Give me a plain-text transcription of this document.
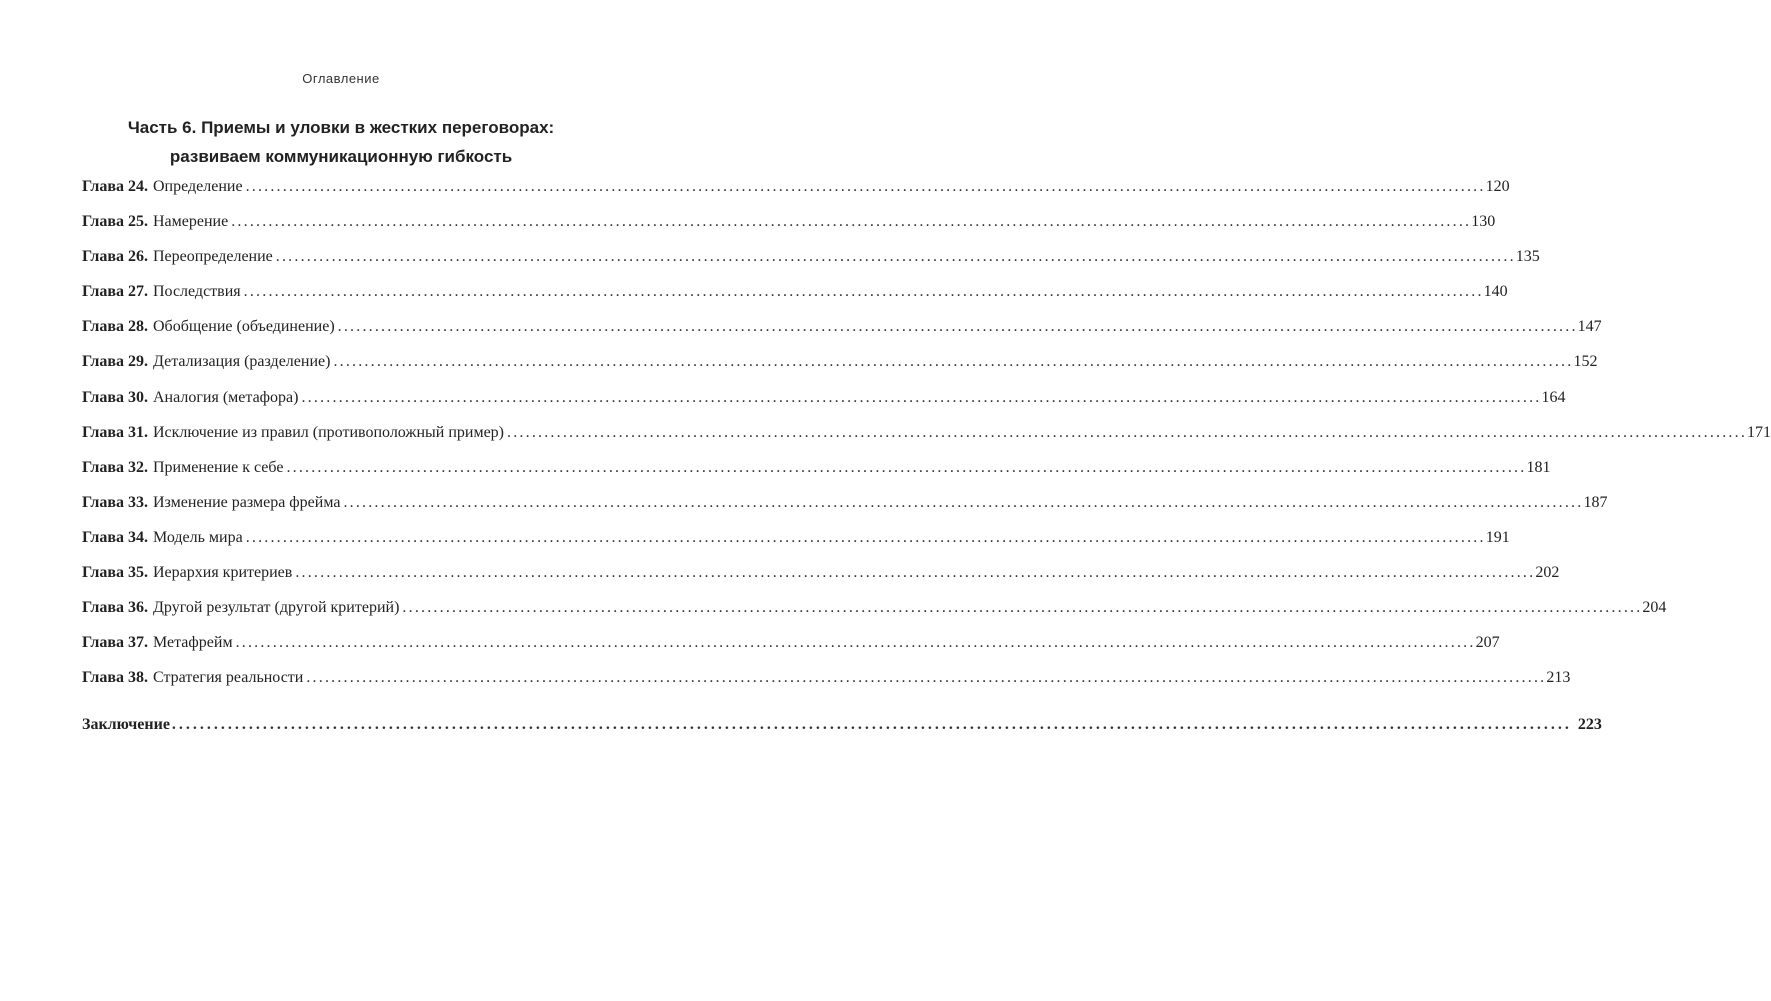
Оглавление
Часть 6. Приемы и уловки в жестких переговорах:
развиваем коммуникационную гибкость
Глава 24. Определение ........................................................................................................................................................................................................ 120
Глава 25. Намерение ........................................................................................................................................................................................................ 130
Глава 26. Переопределение ........................................................................................................................................................................................................ 135
Глава 27. Последствия ........................................................................................................................................................................................................ 140
Глава 28. Обобщение (объединение) ........................................................................................................................................................................................................ 147
Глава 29. Детализация (разделение) ........................................................................................................................................................................................................ 152
Глава 30. Аналогия (метафора) ........................................................................................................................................................................................................ 164
Глава 31. Исключение из правил (противоположный пример) ........................................................................................................................................................................................................ 171
Глава 32. Применение к себе ........................................................................................................................................................................................................ 181
Глава 33. Изменение размера фрейма ........................................................................................................................................................................................................ 187
Глава 34. Модель мира ........................................................................................................................................................................................................ 191
Глава 35. Иерархия критериев ........................................................................................................................................................................................................ 202
Глава 36. Другой результат (другой критерий) ........................................................................................................................................................................................................ 204
Глава 37. Метафрейм ........................................................................................................................................................................................................ 207
Глава 38. Стратегия реальности ........................................................................................................................................................................................................ 213
Заключение ........................................................................................................................................................................................................ 223
